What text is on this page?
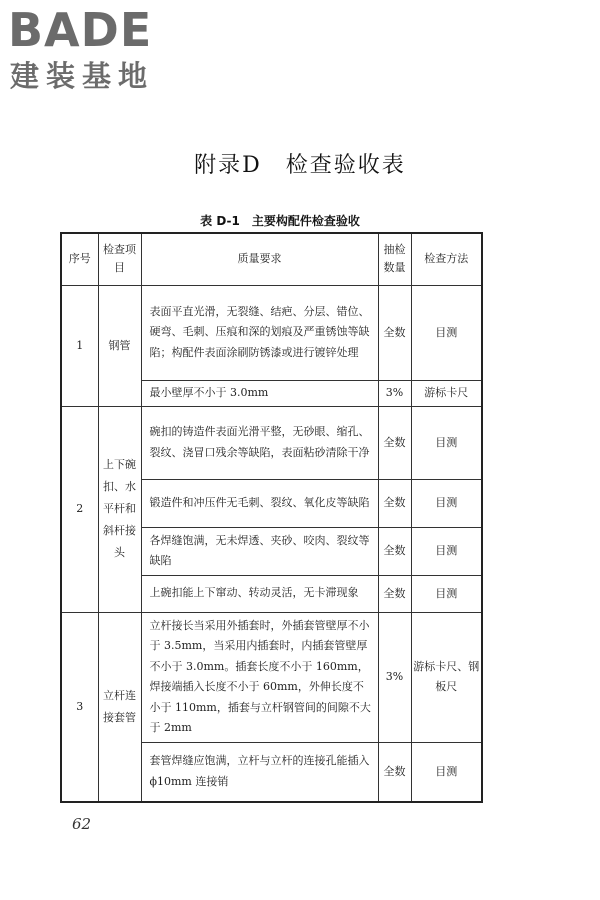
BADE
建装基地
附录D　检查验收表
表 D-1　主要构配件检查验收
序号	检查项目	质量要求	抽检数量	检查方法
1	钢管	表面平直光滑，无裂缝、结疤、分层、错位、硬弯、毛刺、压痕和深的划痕及严重锈蚀等缺陷；构配件表面涂刷防锈漆或进行镀锌处理	全数	目测
		最小壁厚不小于 3.0mm	3%	游标卡尺
2	上下碗扣、水平杆和斜杆接头	碗扣的铸造件表面光滑平整，无砂眼、缩孔、裂纹、浇冒口残余等缺陷，表面粘砂清除干净	全数	目测
		锻造件和冲压件无毛刺、裂纹、氧化皮等缺陷	全数	目测
		各焊缝饱满，无未焊透、夹砂、咬肉、裂纹等缺陷	全数	目测
		上碗扣能上下窜动、转动灵活，无卡滞现象	全数	目测
3	立杆连接套管	立杆接长当采用外插套时，外插套管壁厚不小于 3.5mm，当采用内插套时，内插套管壁厚不小于 3.0mm。插套长度不小于 160mm，焊接端插入长度不小于 60mm，外伸长度不小于 110mm，插套与立杆钢管间的间隙不大于 2mm	3%	游标卡尺、钢板尺
		套管焊缝应饱满，立杆与立杆的连接孔能插入 ϕ10mm 连接销	全数	目测
62
